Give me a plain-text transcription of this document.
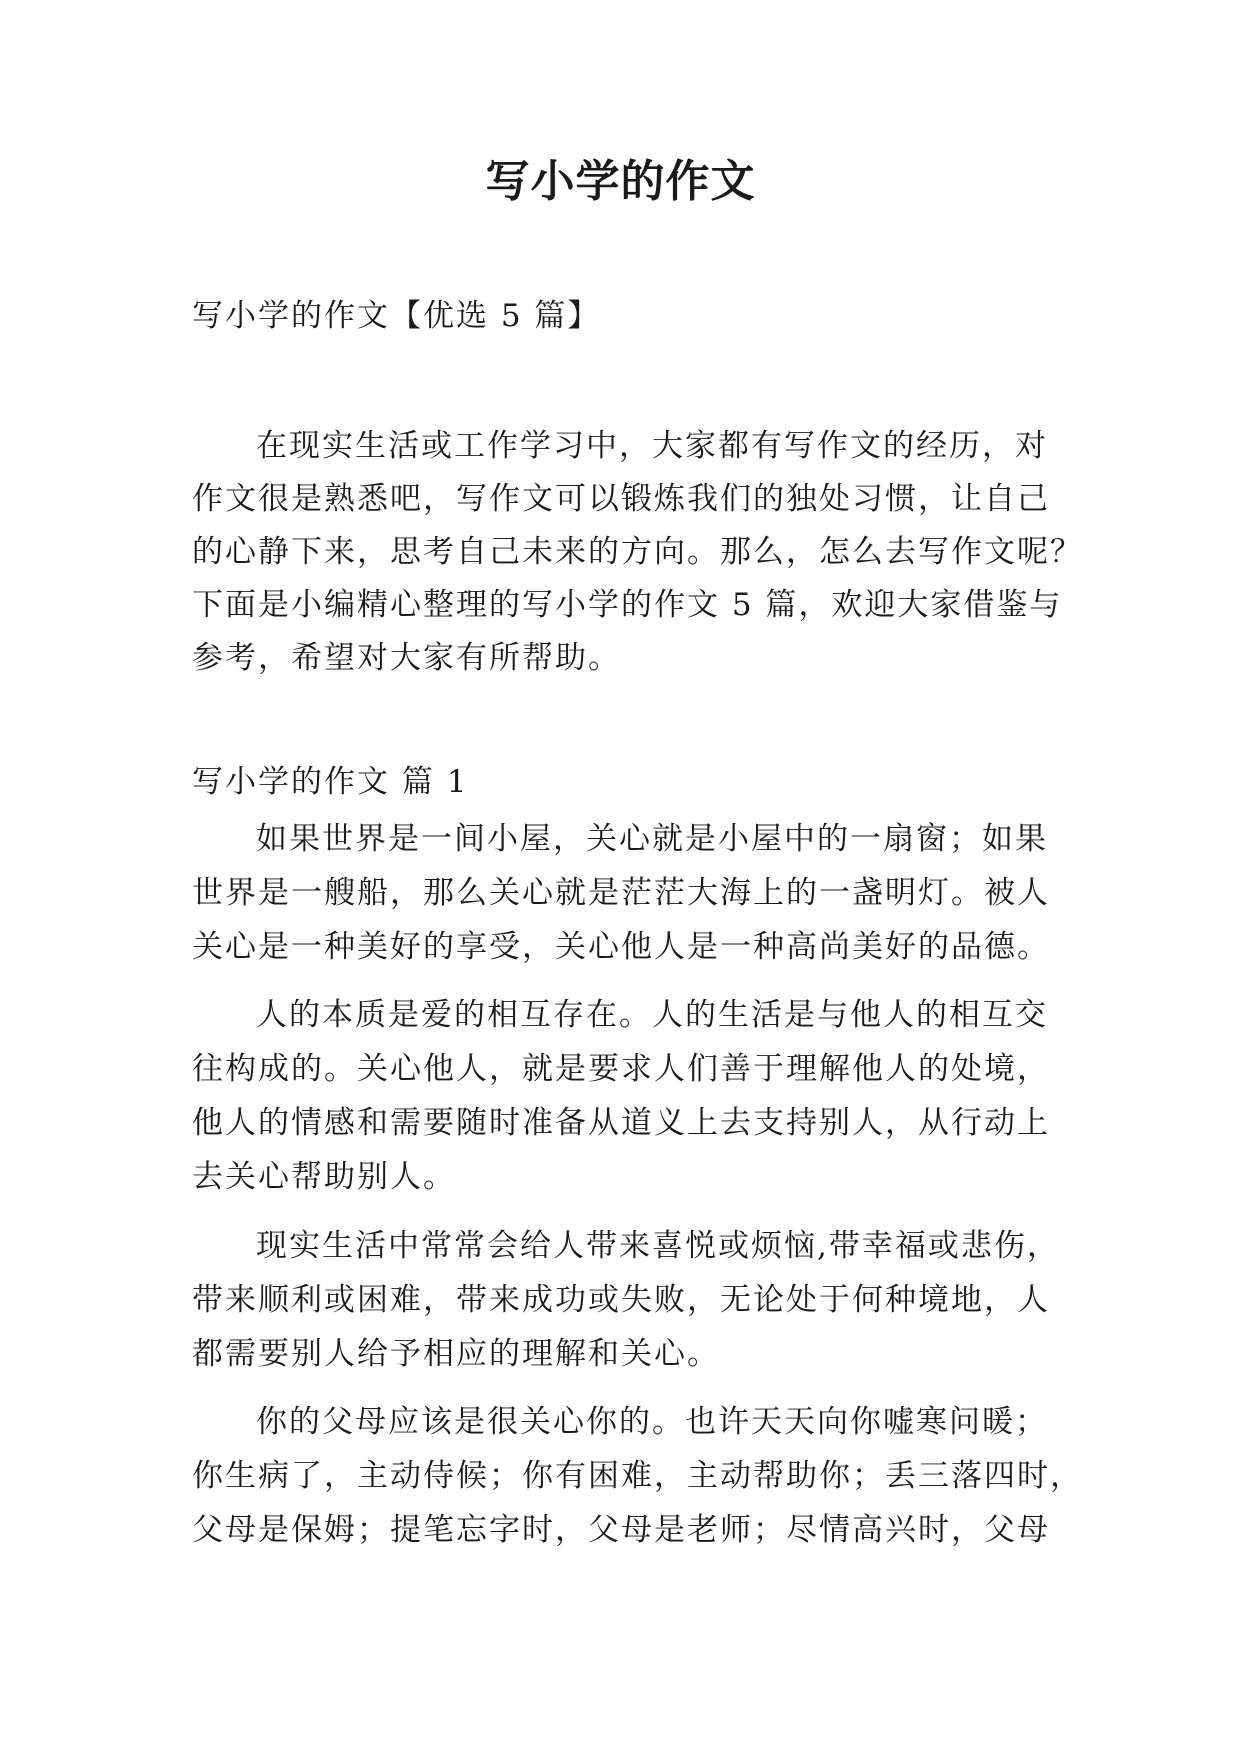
写小学的作文
写小学的作文【优选 5 篇】
在现实生活或工作学习中，大家都有写作文的经历，对
作文很是熟悉吧，写作文可以锻炼我们的独处习惯，让自己
的心静下来，思考自己未来的方向。那么，怎么去写作文呢？
下面是小编精心整理的写小学的作文 5 篇，欢迎大家借鉴与
参考，希望对大家有所帮助。
写小学的作文 篇 1
如果世界是一间小屋，关心就是小屋中的一扇窗；如果
世界是一艘船，那么关心就是茫茫大海上的一盏明灯。被人
关心是一种美好的享受，关心他人是一种高尚美好的品德。
人的本质是爱的相互存在。人的生活是与他人的相互交
往构成的。关心他人，就是要求人们善于理解他人的处境，
他人的情感和需要随时准备从道义上去支持别人，从行动上
去关心帮助别人。
现实生活中常常会给人带来喜悦或烦恼,带幸福或悲伤，
带来顺利或困难，带来成功或失败，无论处于何种境地，人
都需要别人给予相应的理解和关心。
你的父母应该是很关心你的。也许天天向你嘘寒问暖；
你生病了，主动侍候；你有困难，主动帮助你；丢三落四时，
父母是保姆；提笔忘字时，父母是老师；尽情高兴时，父母
